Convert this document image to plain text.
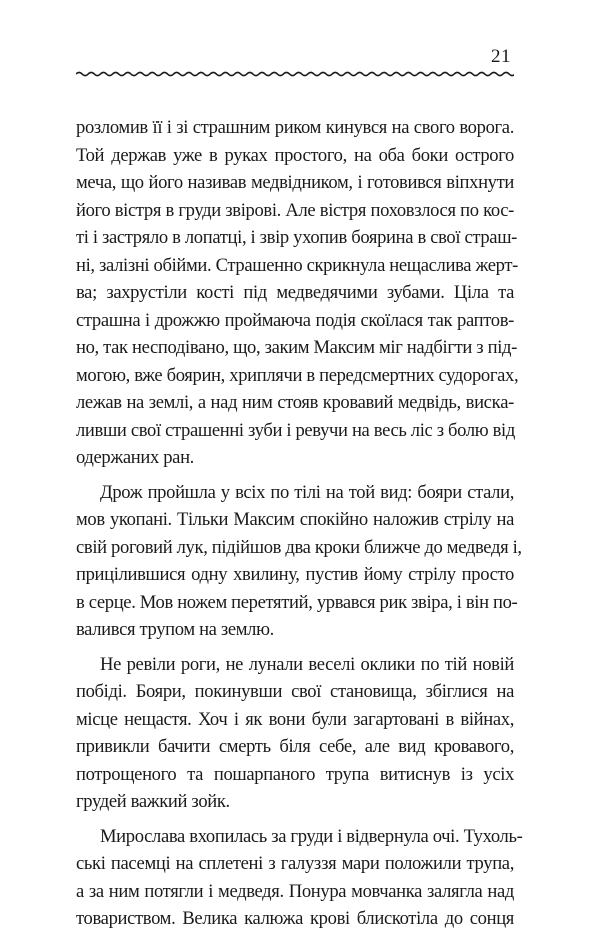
21
розломив її і зі страшним риком кинувся на свого ворога.
Той держав уже в руках простого, на оба боки острого
меча, що його називав медвідником, і готовився віпхнути
його вістря в груди звірові. Але вістря поховзлося по кос-
ті і застряло в лопатці, і звір ухопив боярина в свої страш-
ні, залізні обійми. Страшенно скрикнула нещаслива жерт-
ва; захрустіли кості під медведячими зубами. Ціла та
страшна і дрожжю проймаюча подія скоїлася так раптов-
но, так несподівано, що, заким Максим міг надбігти з під-
могою, вже боярин, хриплячи в передсмертних судорогах,
лежав на землі, а над ним стояв кровавий медвідь, вискa-
ливши свої страшенні зуби і ревучи на весь ліс з болю від
одержаних ран.
Дрож пройшла у всіх по тілі на той вид: бояри стали,
мов укопані. Тільки Максим спокійно наложив стрілу на
свій роговий лук, підійшов два кроки ближче до медведя і,
прицілившися одну хвилину, пустив йому стрілу просто
в серце. Мов ножем перетятий, урвався рик звіра, і він по-
валився трупом на землю.
Не ревіли роги, не лунали веселі оклики по тій новій
побіді. Бояри, покинувши свої становища, збіглися на
місце нещастя. Хоч і як вони були загартовані в війнах,
привикли бачити смерть біля себе, але вид кровавого,
потрощеного та пошарпаного трупа витиснув із усіх
грудей важкий зойк.
Мирослава вхопилась за груди і відвернула очі. Тухоль-
ські пасемці на сплетені з галуззя мари положили трупа,
а за ним потягли і медведя. Понура мовчанка залягла над
товариством. Велика калюжа крові блискотіла до сонця
